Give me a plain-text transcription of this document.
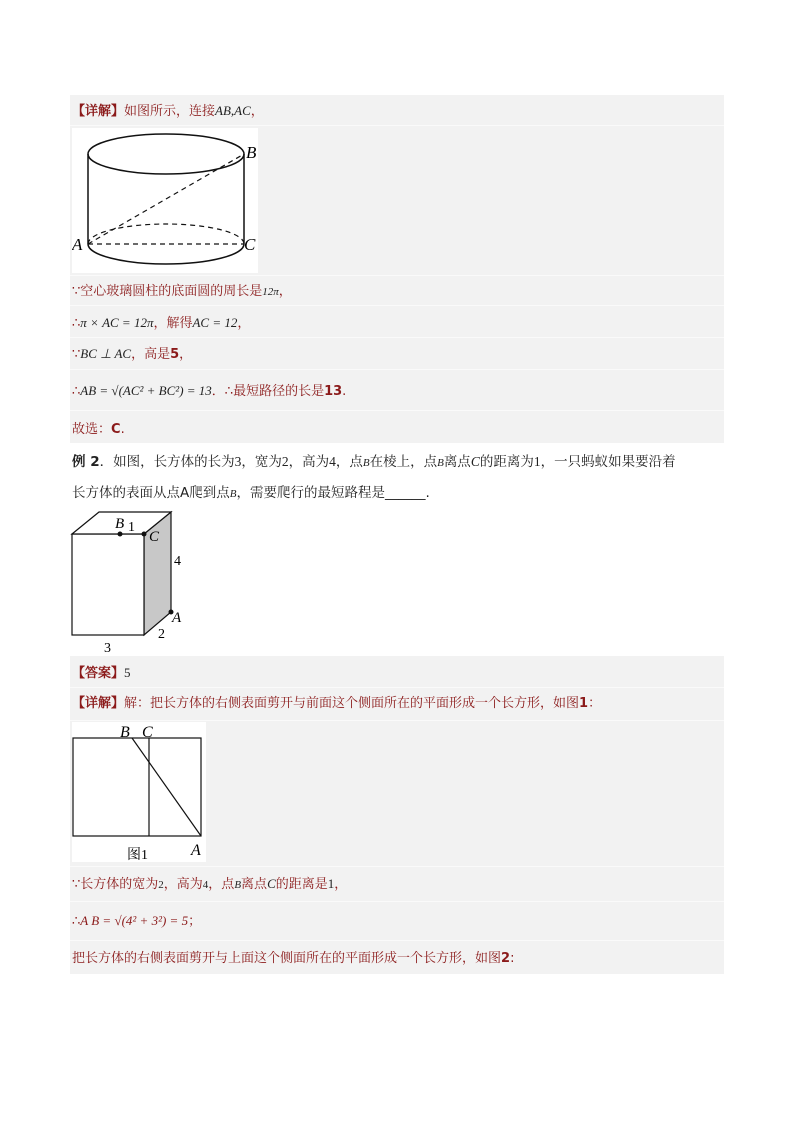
【详解】如图所示，连接AB,AC，
B
A	C
∵空心玻璃圆柱的底面圆的周长是12π，
∴π × AC = 12π，解得AC = 12，
∵BC ⊥ AC，高是5，
∴AB = √(AC² + BC²) = 13．∴最短路径的长是13.
故选：C.
例 2．如图，长方体的长为3，宽为2，高为4，点B在棱上，点B离点C的距离为1，一只蚂蚁如果要沿着
长方体的表面从点A爬到点B，需要爬行的最短路程是______.
B 1
C
4
A
2
3
【答案】5
【详解】解：把长方体的右侧表面剪开与前面这个侧面所在的平面形成一个长方形，如图1：
B C
A
图1
∵长方体的宽为2，高为4，点B离点C的距离是1，
∴A B = √(4² + 3²) = 5；
把长方体的右侧表面剪开与上面这个侧面所在的平面形成一个长方形，如图2:
